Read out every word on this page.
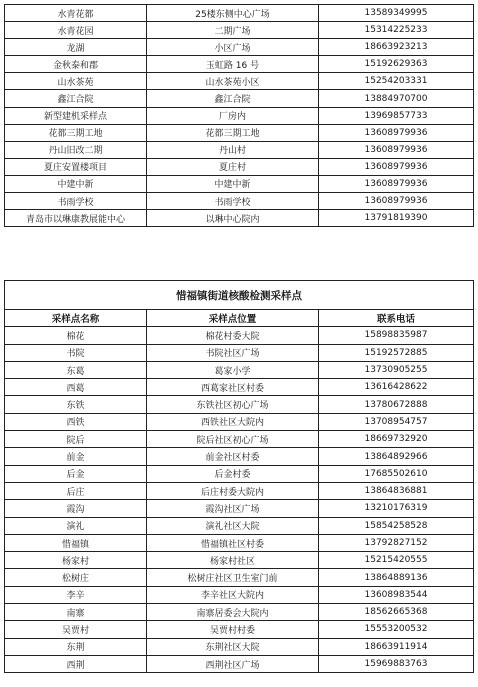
水青花都	25楼东侧中心广场	13589349995
水青花园	二期广场	15314225233
龙湖	小区广场	18663923213
金秋泰和郡	玉虹路 16 号	15192629363
山水茶苑	山水茶苑小区	15254203331
鑫江合院	鑫江合院	13884970700
新型建机采样点	厂房内	13969857733
花都三期工地	花都三期工地	13608979936
丹山旧改二期	丹山村	13608979936
夏庄安置楼项目	夏庄村	13608979936
中建中新	中建中新	13608979936
书雨学校	书雨学校	13608979936
青岛市以琳康教展能中心	以琳中心院内	13791819390
惜福镇街道核酸检测采样点		
采样点名称	采样点位置	联系电话
棉花	棉花村委大院	15898835987
书院	书院社区广场	15192572885
东葛	葛家小学	13730905255
西葛	西葛家社区村委	13616428622
东铁	东铁社区初心广场	13780672888
西铁	西铁社区大院内	13708954757
院后	院后社区初心广场	18669732920
前金	前金社区村委	13864892966
后金	后金村委	17685502610
后庄	后庄村委大院内	13864836881
霞沟	霞沟社区广场	13210176319
演礼	演礼社区大院	15854258528
惜福镇	惜福镇社区村委	13792827152
杨家村	杨家村社区	15215420555
松树庄	松树庄社区卫生室门前	13864889136
李辛	李辛社区大院内	13608983544
南寨	南寨居委会大院内	18562665368
吴贾村	吴贾村村委	15553200532
东荆	东荆社区大院	18663911914
西荆	西荆社区广场	15969883763
